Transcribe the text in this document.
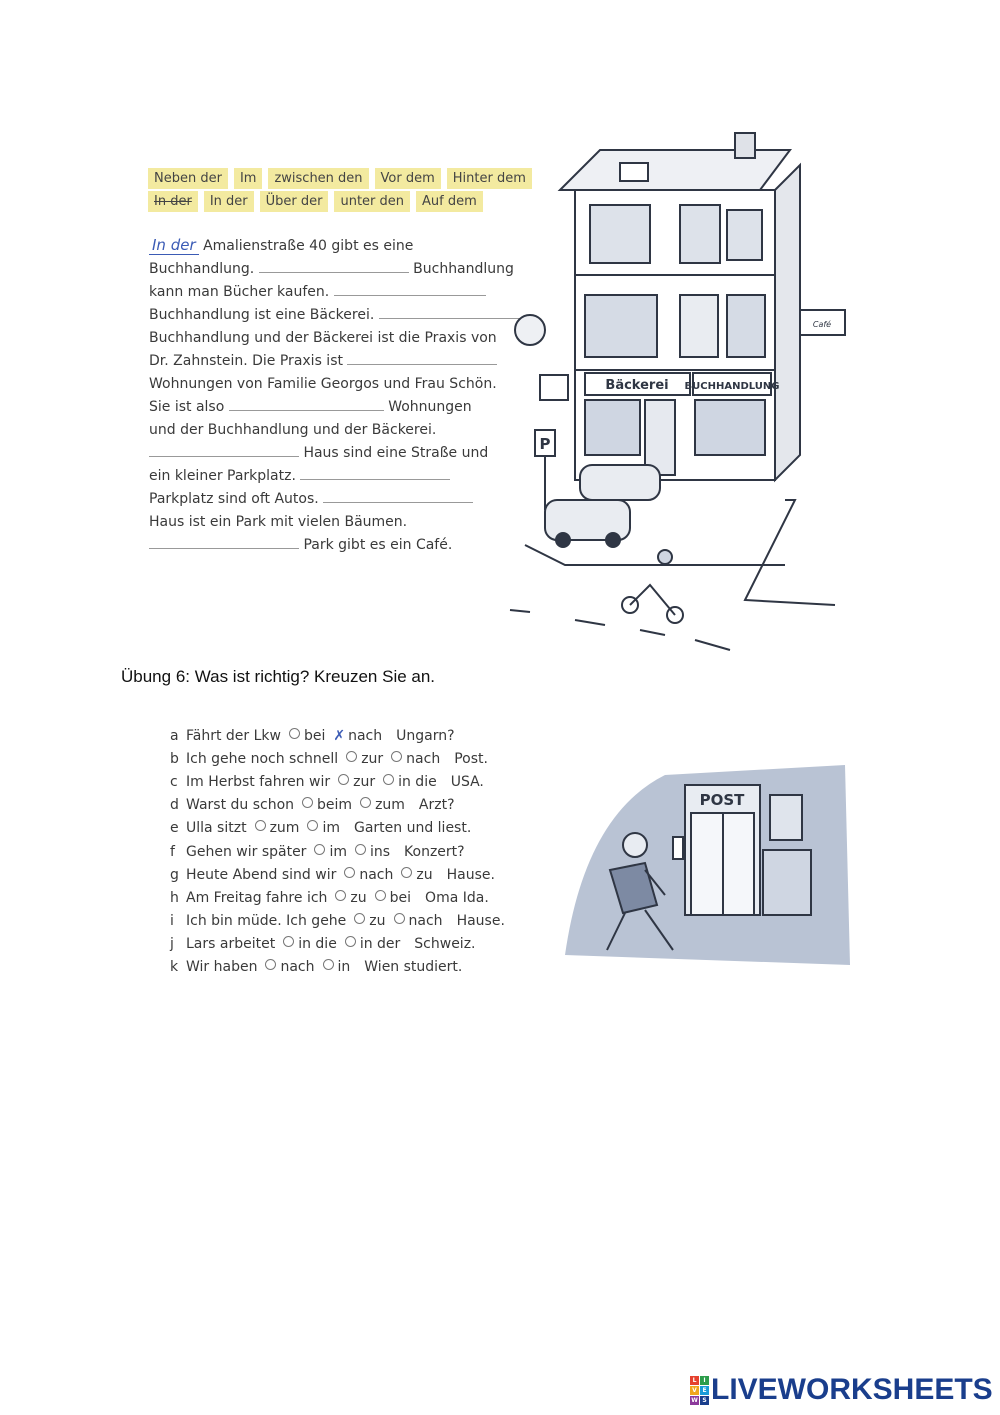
Neben der	Im	zwischen den	Vor dem	Hinter dem
In der	In der	Über der	unter den	Auf dem
In der Amalienstraße 40 gibt es eine
Buchhandlung.	Buchhandlung
kann man Bücher kaufen.
Buchhandlung ist eine Bäckerei.
Buchhandlung und der Bäckerei ist die Praxis von
Dr. Zahnstein. Die Praxis ist
Wohnungen von Familie Georgos und Frau Schön.
Sie ist also	Wohnungen
und der Buchhandlung und der Bäckerei.
Haus sind eine Straße und
ein kleiner Parkplatz.
Parkplatz sind oft Autos.
Haus ist ein Park mit vielen Bäumen.
Park gibt es ein Café.
Bäckerei BUCHHANDLUNG
Café
P
Übung 6: Was ist richtig? Kreuzen Sie an.
a Fährt der Lkw bei ✗ nach Ungarn?
b Ich gehe noch schnell zur nach Post.
c Im Herbst fahren wir zur in die USA.
d Warst du schon beim zum Arzt?
e Ulla sitzt zum im Garten und liest.
f Gehen wir später im ins Konzert?
g Heute Abend sind wir nach zu Hause.
h Am Freitag fahre ich zu bei Oma Ida.
i Ich bin müde. Ich gehe zu nach Hause.
j Lars arbeitet in die in der Schweiz.
k Wir haben nach in Wien studiert.
POST
L	I
V E
W S LIVEWORKSHEETS
